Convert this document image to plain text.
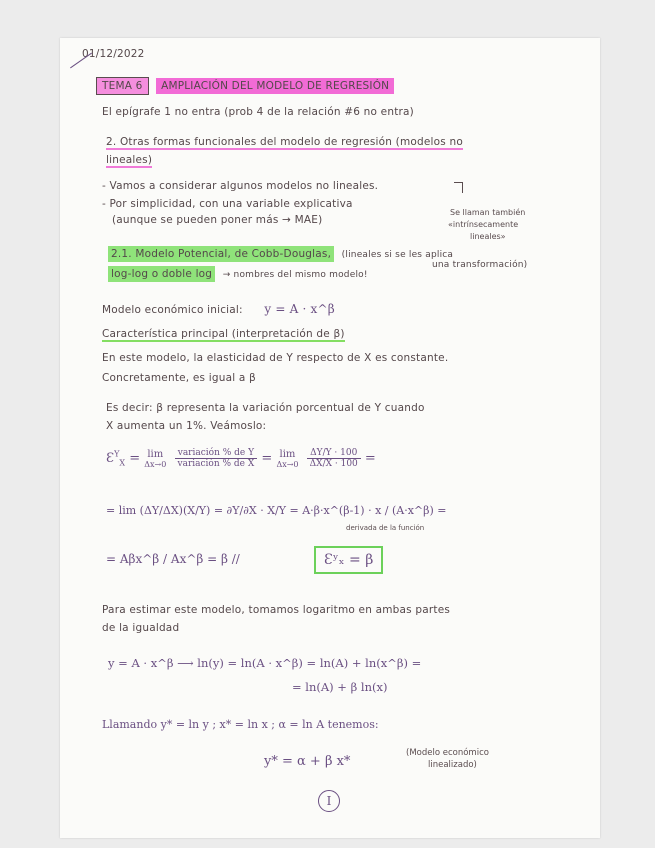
01/12/2022
TEMA 6 AMPLIACIÓN DEL MODELO DE REGRESIÓN
El epígrafe 1 no entra (prob 4 de la relación #6 no entra)
2. Otras formas funcionales del modelo de regresión (modelos no
lineales)
- Vamos a considerar algunos modelos no lineales.
- Por simplicidad, con una variable explicativa
(aunque se pueden poner más → MAE)
Se llaman también
«intrínsecamente
lineales»
2.1. Modelo Potencial, de Cobb-Douglas, (lineales si se les aplica
log-log o doble log → nombres del mismo modelo!
una transformación)
Modelo económico inicial: y = A · x^β
Característica principal (interpretación de β)
En este modelo, la elasticidad de Y respecto de X es constante.
Concretamente, es igual a β
Es decir: β representa la variación porcentual de Y cuando
X aumenta un 1%. Veámoslo:
$Ɛ^Y_X = \lim$
Δx→0
$\frac{\text{variación \% de Y}}{\text{variación \% de X}} = \lim$
Δx→0
$\frac{\Delta Y/Y \cdot 100}{\Delta X/X \cdot 100}$ =
= lim (ΔY/ΔX)(X/Y) = ∂Y/∂X · X/Y = A·β·x^(β-1) · x / (A·x^β) =
derivada de la función
= Aβx^β / Ax^β = β //	Ɛʸₓ = β
Para estimar este modelo, tomamos logaritmo en ambas partes
de la igualdad
y = A · x^β ⟶ ln(y) = ln(A · x^β) = ln(A) + ln(x^β) =
= ln(A) + β ln(x)
Llamando y* = ln y ; x* = ln x ; α = ln A tenemos:
y* = α + β x*
(Modelo económico
linealizado)
I
